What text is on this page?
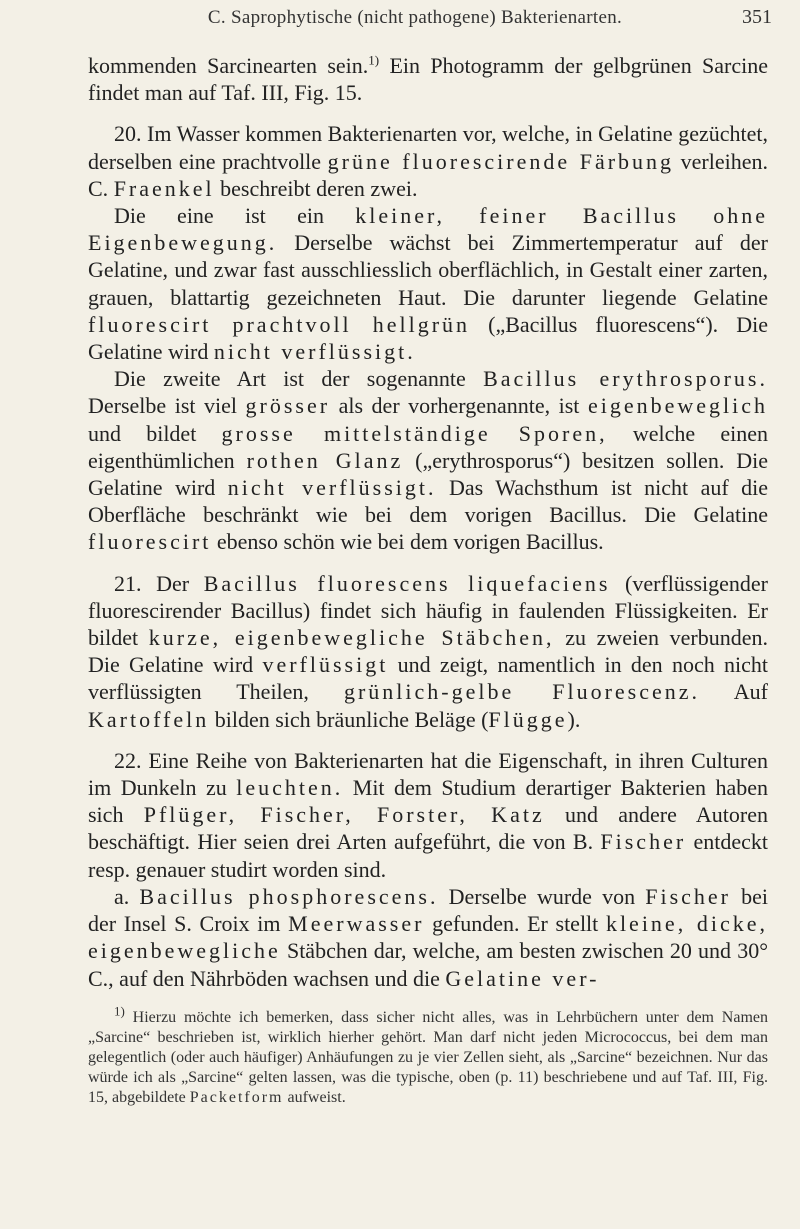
C. Saprophytische (nicht pathogene) Bakterienarten.	351

kommenden Sarcinearten sein.$^{1)}$ Ein Photogramm der gelbgrünen Sarcine findet man auf Taf. III, Fig. 15.

20. Im Wasser kommen Bakterienarten vor, welche, in Gelatine gezüchtet, derselben eine prachtvolle grüne fluorescirende Färbung verleihen. C. Fraenkel beschreibt deren zwei.

Die eine ist ein kleiner, feiner Bacillus ohne Eigenbewegung. Derselbe wächst bei Zimmertemperatur auf der Gelatine, und zwar fast ausschliesslich oberflächlich, in Gestalt einer zarten, grauen, blattartig gezeichneten Haut. Die darunter liegende Gelatine fluorescirt prachtvoll hellgrün („Bacillus fluorescens“). Die Gelatine wird nicht verflüssigt.

Die zweite Art ist der sogenannte Bacillus erythrosporus. Derselbe ist viel grösser als der vorhergenannte, ist eigenbeweglich und bildet grosse mittelständige Sporen, welche einen eigenthümlichen rothen Glanz („erythrosporus“) besitzen sollen. Die Gelatine wird nicht verflüssigt. Das Wachsthum ist nicht auf die Oberfläche beschränkt wie bei dem vorigen Bacillus. Die Gelatine fluorescirt ebenso schön wie bei dem vorigen Bacillus.

21. Der Bacillus fluorescens liquefaciens (verflüssigender fluorescirender Bacillus) findet sich häufig in faulenden Flüssigkeiten. Er bildet kurze, eigenbewegliche Stäbchen, zu zweien verbunden. Die Gelatine wird verflüssigt und zeigt, namentlich in den noch nicht verflüssigten Theilen, grünlich-gelbe Fluorescenz. Auf Kartoffeln bilden sich bräunliche Beläge (Flügge).

22. Eine Reihe von Bakterienarten hat die Eigenschaft, in ihren Culturen im Dunkeln zu leuchten. Mit dem Studium derartiger Bakterien haben sich Pflüger, Fischer, Forster, Katz und andere Autoren beschäftigt. Hier seien drei Arten aufgeführt, die von B. Fischer entdeckt resp. genauer studirt worden sind.

a. Bacillus phosphorescens. Derselbe wurde von Fischer bei der Insel S. Croix im Meerwasser gefunden. Er stellt kleine, dicke, eigenbewegliche Stäbchen dar, welche, am besten zwischen 20 und 30° C., auf den Nährböden wachsen und die Gelatine ver-

$^{1)}$ Hierzu möchte ich bemerken, dass sicher nicht alles, was in Lehrbüchern unter dem Namen „Sarcine“ beschrieben ist, wirklich hierher gehört. Man darf nicht jeden Micrococcus, bei dem man gelegentlich (oder auch häufiger) Anhäufungen zu je vier Zellen sieht, als „Sarcine“ bezeichnen. Nur das würde ich als „Sarcine“ gelten lassen, was die typische, oben (p. 11) beschriebene und auf Taf. III, Fig. 15, abgebildete Packetform aufweist.
